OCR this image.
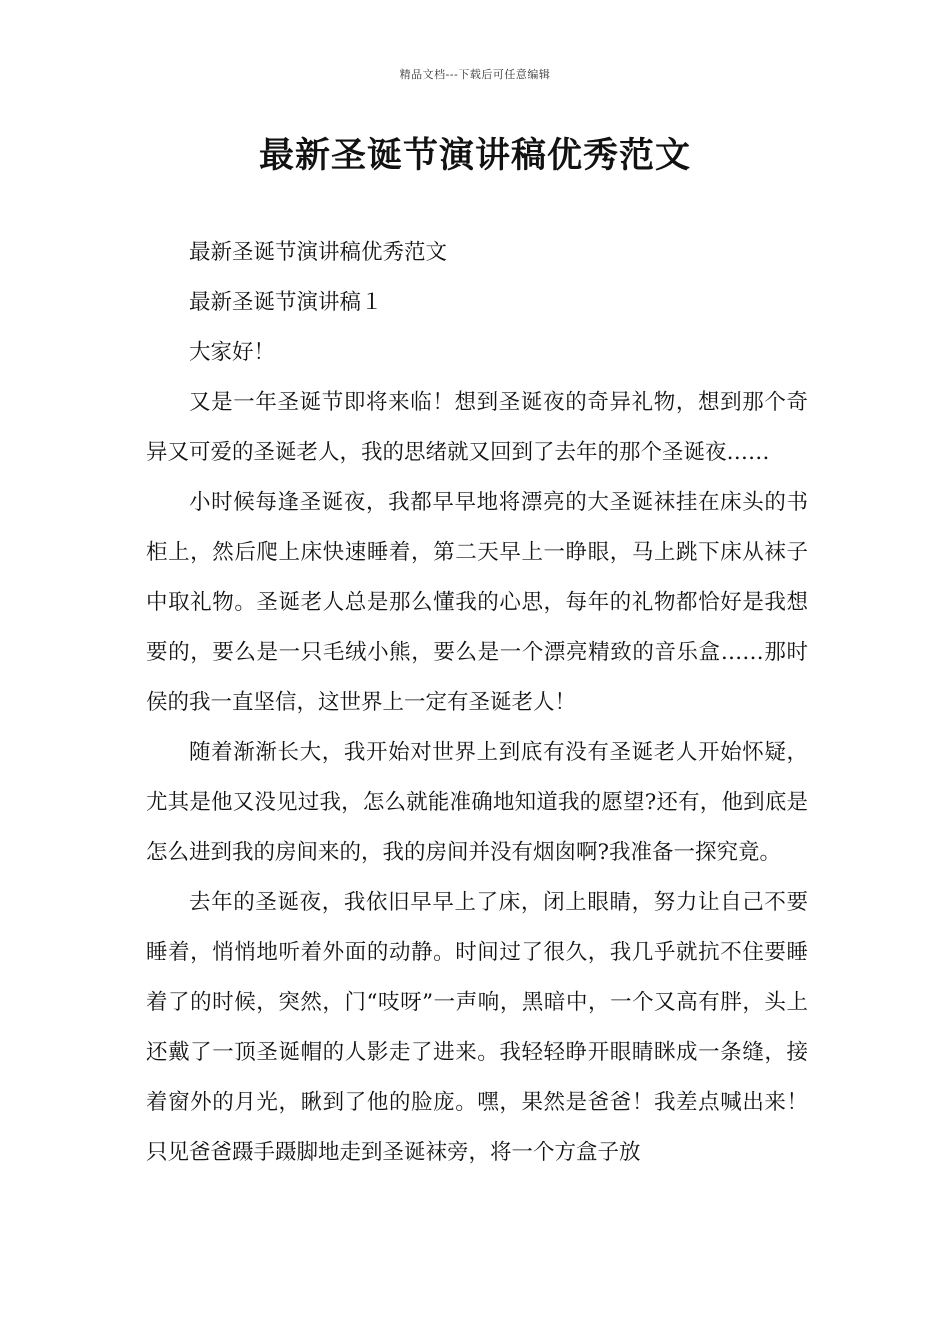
精品文档---下载后可任意编辑
最新圣诞节演讲稿优秀范文

最新圣诞节演讲稿优秀范文

最新圣诞节演讲稿１

大家好！

又是一年圣诞节即将来临！想到圣诞夜的奇异礼物，想到那个奇异又可爱的圣诞老人，我的思绪就又回到了去年的那个圣诞夜……

小时候每逢圣诞夜，我都早早地将漂亮的大圣诞袜挂在床头的书柜上，然后爬上床快速睡着，第二天早上一睁眼，马上跳下床从袜子中取礼物。圣诞老人总是那么懂我的心思，每年的礼物都恰好是我想要的，要么是一只毛绒小熊，要么是一个漂亮精致的音乐盒……那时侯的我一直坚信，这世界上一定有圣诞老人！

随着渐渐长大，我开始对世界上到底有没有圣诞老人开始怀疑，尤其是他又没见过我，怎么就能准确地知道我的愿望?还有，他到底是怎么进到我的房间来的，我的房间并没有烟囱啊?我准备一探究竟。

去年的圣诞夜，我依旧早早上了床，闭上眼睛，努力让自己不要睡着，悄悄地听着外面的动静。时间过了很久，我几乎就抗不住要睡着了的时候，突然，门“吱呀”一声响，黑暗中，一个又高有胖，头上还戴了一顶圣诞帽的人影走了进来。我轻轻睁开眼睛眯成一条缝，接着窗外的月光，瞅到了他的脸庞。嘿，果然是爸爸！我差点喊出来！只见爸爸蹑手蹑脚地走到圣诞袜旁，将一个方盒子放
